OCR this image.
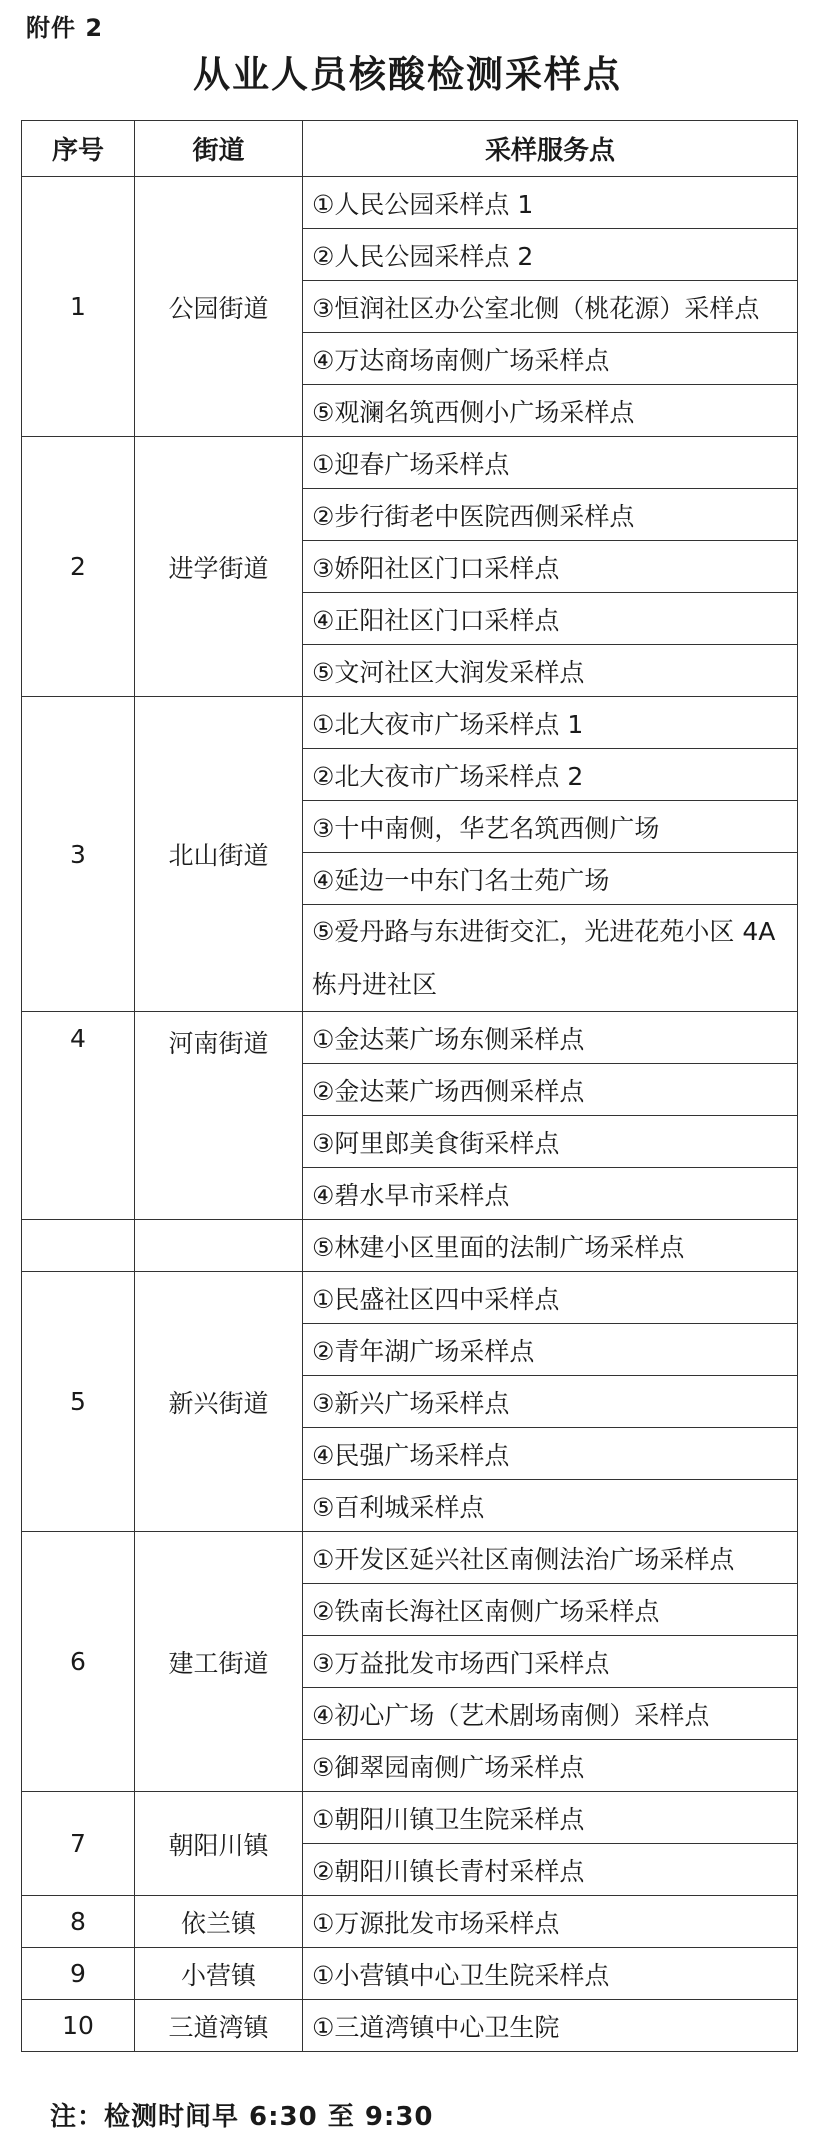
附件 2
从业人员核酸检测采样点
序号	街道	采样服务点
1	公园街道	①人民公园采样点 1
		②人民公园采样点 2
		③恒润社区办公室北侧（桃花源）采样点
		④万达商场南侧广场采样点
		⑤观澜名筑西侧小广场采样点
2	进学街道	①迎春广场采样点
		②步行街老中医院西侧采样点
		③娇阳社区门口采样点
		④正阳社区门口采样点
		⑤文河社区大润发采样点
3	北山街道	①北大夜市广场采样点 1
		②北大夜市广场采样点 2
		③十中南侧，华艺名筑西侧广场
		④延边一中东门名士苑广场
		⑤爱丹路与东进街交汇，光进花苑小区 4A 栋丹进社区
4	河南街道	①金达莱广场东侧采样点
		②金达莱广场西侧采样点
		③阿里郎美食街采样点
		④碧水早市采样点
		⑤林建小区里面的法制广场采样点
5	新兴街道	①民盛社区四中采样点
		②青年湖广场采样点
		③新兴广场采样点
		④民强广场采样点
		⑤百利城采样点
6	建工街道	①开发区延兴社区南侧法治广场采样点
		②铁南长海社区南侧广场采样点
		③万益批发市场西门采样点
		④初心广场（艺术剧场南侧）采样点
		⑤御翠园南侧广场采样点
7	朝阳川镇	①朝阳川镇卫生院采样点
		②朝阳川镇长青村采样点
8	依兰镇	①万源批发市场采样点
9	小营镇	①小营镇中心卫生院采样点
10	三道湾镇	①三道湾镇中心卫生院
注：检测时间早 6:30 至 9:30
